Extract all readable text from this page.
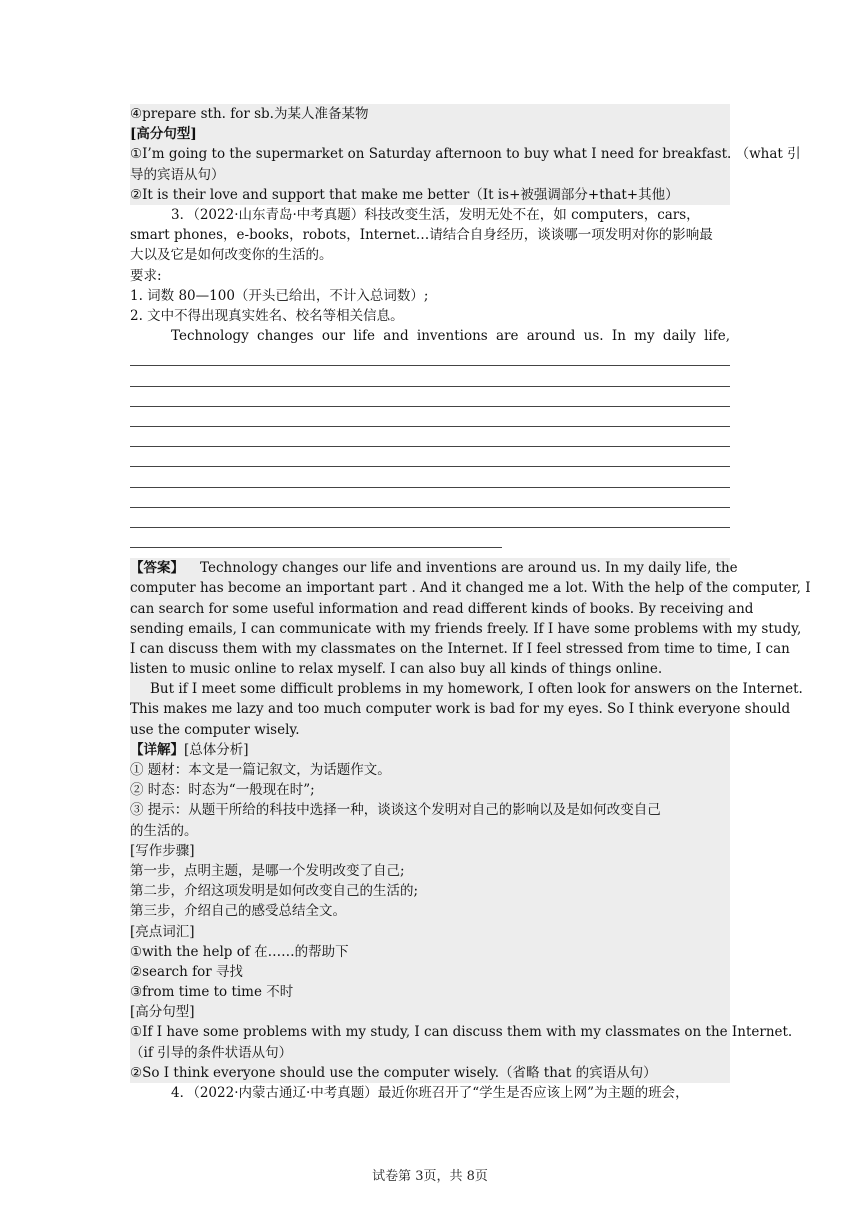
④prepare sth. for sb.为某人准备某物
[高分句型]
①I’m going to the supermarket on Saturday afternoon to buy what I need for breakfast. （what 引
导的宾语从句）
②It is their love and support that make me better（It is+被强调部分+that+其他）
3．（2022·山东青岛·中考真题）科技改变生活，发明无处不在，如 computers，cars，
smart phones，e-books，robots，Internet…请结合自身经历，谈谈哪一项发明对你的影响最
大以及它是如何改变你的生活的。
要求:
1. 词数 80—100（开头已给出，不计入总词数）;
2. 文中不得出现真实姓名、校名等相关信息。
Technology changes our life and inventions are around us. In my daily life,
【答案】 Technology changes our life and inventions are around us. In my daily life, the
computer has become an important part . And it changed me a lot. With the help of the computer, I
can search for some useful information and read different kinds of books. By receiving and
sending emails, I can communicate with my friends freely. If I have some problems with my study,
I can discuss them with my classmates on the Internet. If I feel stressed from time to time, I can
listen to music online to relax myself. I can also buy all kinds of things online.
But if I meet some difficult problems in my homework, I often look for answers on the Internet.
This makes me lazy and too much computer work is bad for my eyes. So I think everyone should
use the computer wisely.
【详解】[总体分析]
① 题材：本文是一篇记叙文，为话题作文。
② 时态：时态为“一般现在时”;
③ 提示：从题干所给的科技中选择一种，谈谈这个发明对自己的影响以及是如何改变自己
的生活的。
[写作步骤]
第一步，点明主题，是哪一个发明改变了自己;
第二步，介绍这项发明是如何改变自己的生活的;
第三步，介绍自己的感受总结全文。
[亮点词汇]
①with the help of 在……的帮助下
②search for 寻找
③from time to time 不时
[高分句型]
①If I have some problems with my study, I can discuss them with my classmates on the Internet.
（if 引导的条件状语从句）
②So I think everyone should use the computer wisely.（省略 that 的宾语从句）
4．（2022·内蒙古通辽·中考真题）最近你班召开了“学生是否应该上网”为主题的班会，
试卷第 3页，共 8页
